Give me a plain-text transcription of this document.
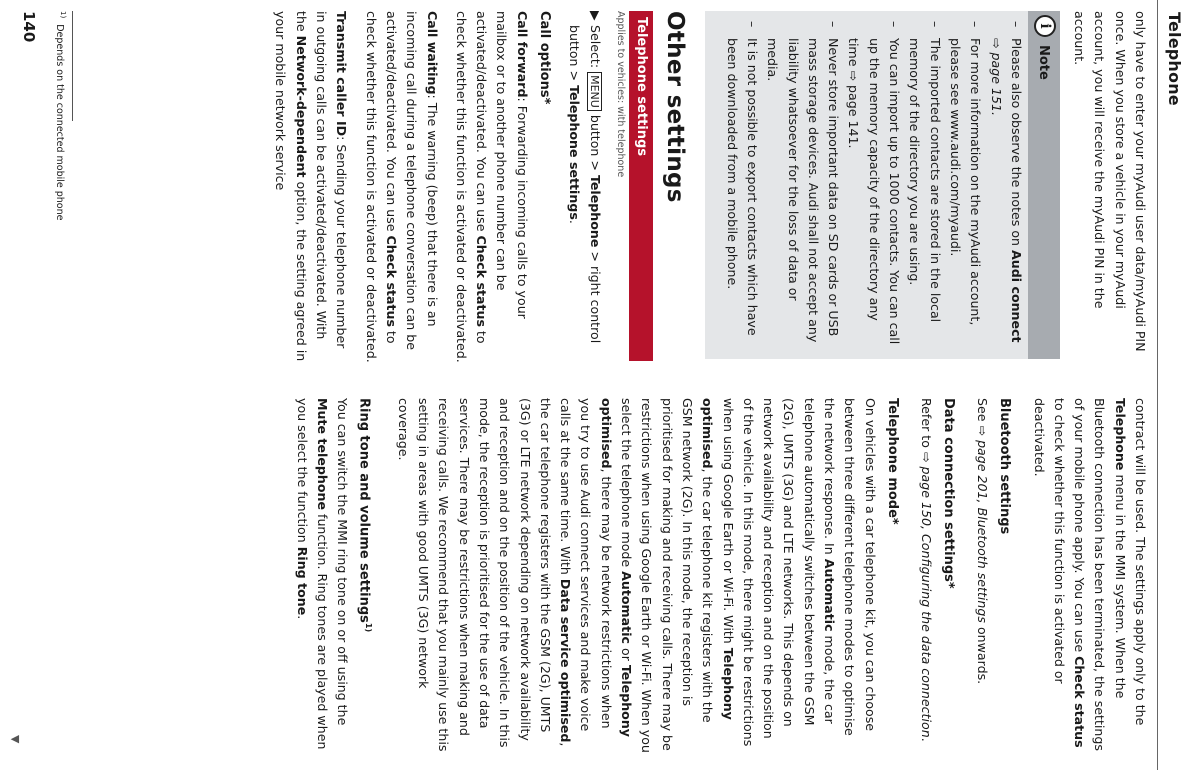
Telephone

only have to enter your myAudi user data/myAudi PIN once. When you store a vehicle in your myAudi account, you will receive the myAudi PIN in the account.

i
Note
– Please also observe the notes on Audi connect ⇨ page 151.
– For more information on the myAudi account, please see www.audi.com/myaudi.
– The imported contacts are stored in the local memory of the directory you are using.
– You can import up to 1000 contacts. You can call up the memory capacity of the directory any time ⇨ page 141.
– Never store important data on SD cards or USB mass storage devices. Audi shall not accept any liability whatsoever for the loss of data or media.
– It is not possible to export contacts which have been downloaded from a mobile phone.
Other settings
Telephone settings
Applies to vehicles: with telephone

▶
Select: MENU button > Telephone > right control button > Telephone settings.

Call options*

Call forward: Forwarding incoming calls to your mailbox or to another phone number can be activated/deactivated. You can use Check status to check whether this function is activated or deactivated.

Call waiting: The warning (beep) that there is an incoming call during a telephone conversation can be activated/deactivated. You can use Check status to check whether this function is activated or deactivated.

Transmit caller ID: Sending your telephone number in outgoing calls can be activated/deactivated. With the Network-dependent option, the setting agreed in your mobile network service

contract will be used. The settings apply only to the Telephone menu in the MMI system. When the Bluetooth connection has been terminated, the settings of your mobile phone apply. You can use Check status to check whether this function is activated or deactivated.

Bluetooth settings

See ⇨ page 201, Bluetooth settings onwards.

Data connection settings*

Refer to ⇨ page 150, Configuring the data connection.

Telephone mode*

On vehicles with a car telephone kit, you can choose between three different telephone modes to optimise the network response. In Automatic mode, the car telephone automatically switches between the GSM (2G), UMTS (3G) and LTE networks. This depends on network availability and reception and on the position of the vehicle. In this mode, there might be restrictions when using Google Earth or Wi-Fi. With Telephony optimised, the car telephone kit registers with the GSM network (2G). In this mode, the reception is prioritised for making and receiving calls. There may be restrictions when using Google Earth or Wi-Fi. When you select the telephone mode Automatic or Telephony optimised, there may be network restrictions when you try to use Audi connect services and make voice calls at the same time. With Data service optimised, the car telephone registers with the GSM (2G), UMTS (3G) or LTE network depending on network availability and reception and on the position of the vehicle. In this mode, the reception is prioritised for the use of data services. There may be restrictions when making and receiving calls. We recommend that you mainly use this setting in areas with good UMTS (3G) network coverage.

Ring tone and volume settings$^{1)}$

You can switch the MMI ring tone on or off using the Mute telephone function. Ring tones are played when you select the function Ring tone.

$^{1)}$  Depends on the connected mobile phone
140
▼
